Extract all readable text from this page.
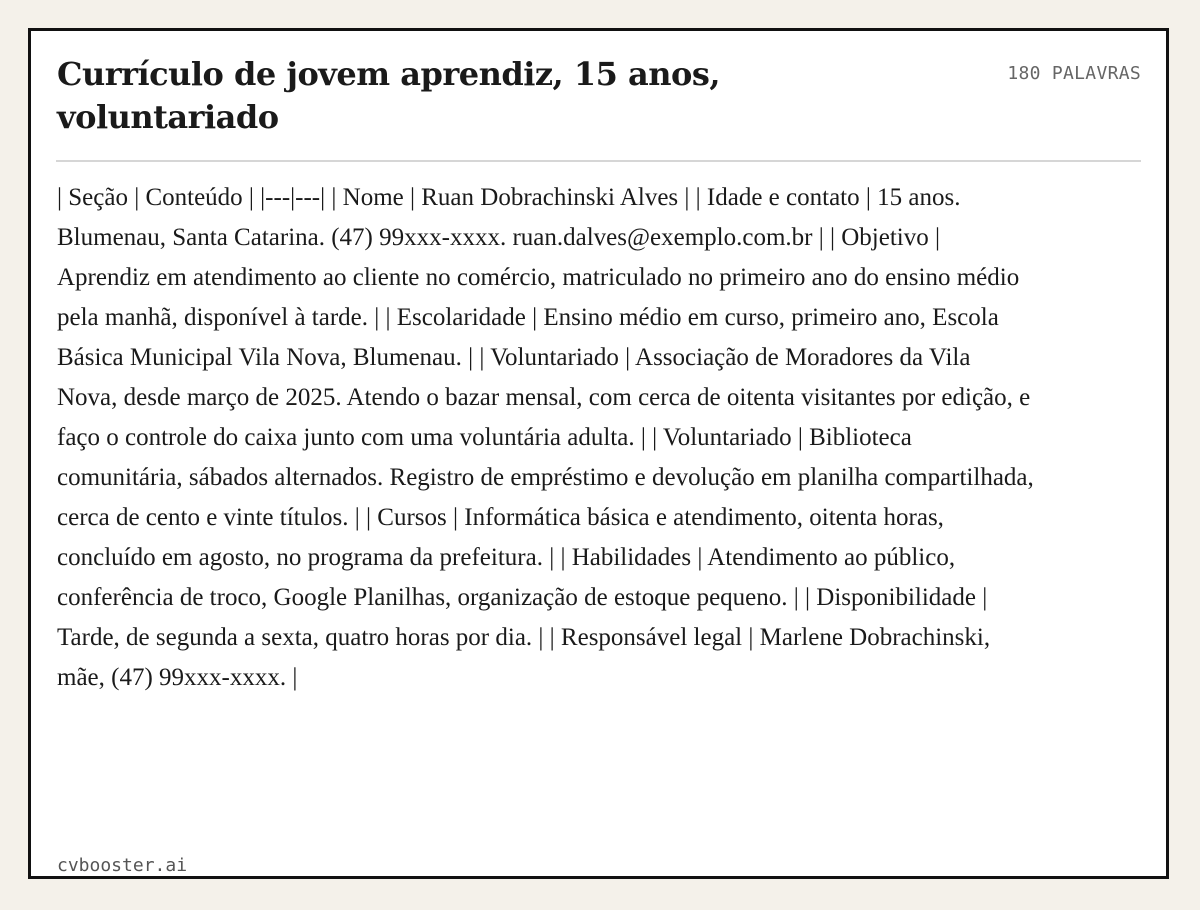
Currículo de jovem aprendiz, 15 anos, voluntariado
180 PALAVRAS

| Seção | Conteúdo | |---|---| | Nome | Ruan Dobrachinski Alves | | Idade e contato | 15 anos. Blumenau, Santa Catarina. (47) 99xxx-xxxx. ruan.dalves@exemplo.com.br | | Objetivo | Aprendiz em atendimento ao cliente no comércio, matriculado no primeiro ano do ensino médio pela manhã, disponível à tarde. | | Escolaridade | Ensino médio em curso, primeiro ano, Escola Básica Municipal Vila Nova, Blumenau. | | Voluntariado | Associação de Moradores da Vila Nova, desde março de 2025. Atendo o bazar mensal, com cerca de oitenta visitantes por edição, e faço o controle do caixa junto com uma voluntária adulta. | | Voluntariado | Biblioteca comunitária, sábados alternados. Registro de empréstimo e devolução em planilha compartilhada, cerca de cento e vinte títulos. | | Cursos | Informática básica e atendimento, oitenta horas, concluído em agosto, no programa da prefeitura. | | Habilidades | Atendimento ao público, conferência de troco, Google Planilhas, organização de estoque pequeno. | | Disponibilidade | Tarde, de segunda a sexta, quatro horas por dia. | | Responsável legal | Marlene Dobrachinski, mãe, (47) 99xxx-xxxx. |

cvbooster.ai
